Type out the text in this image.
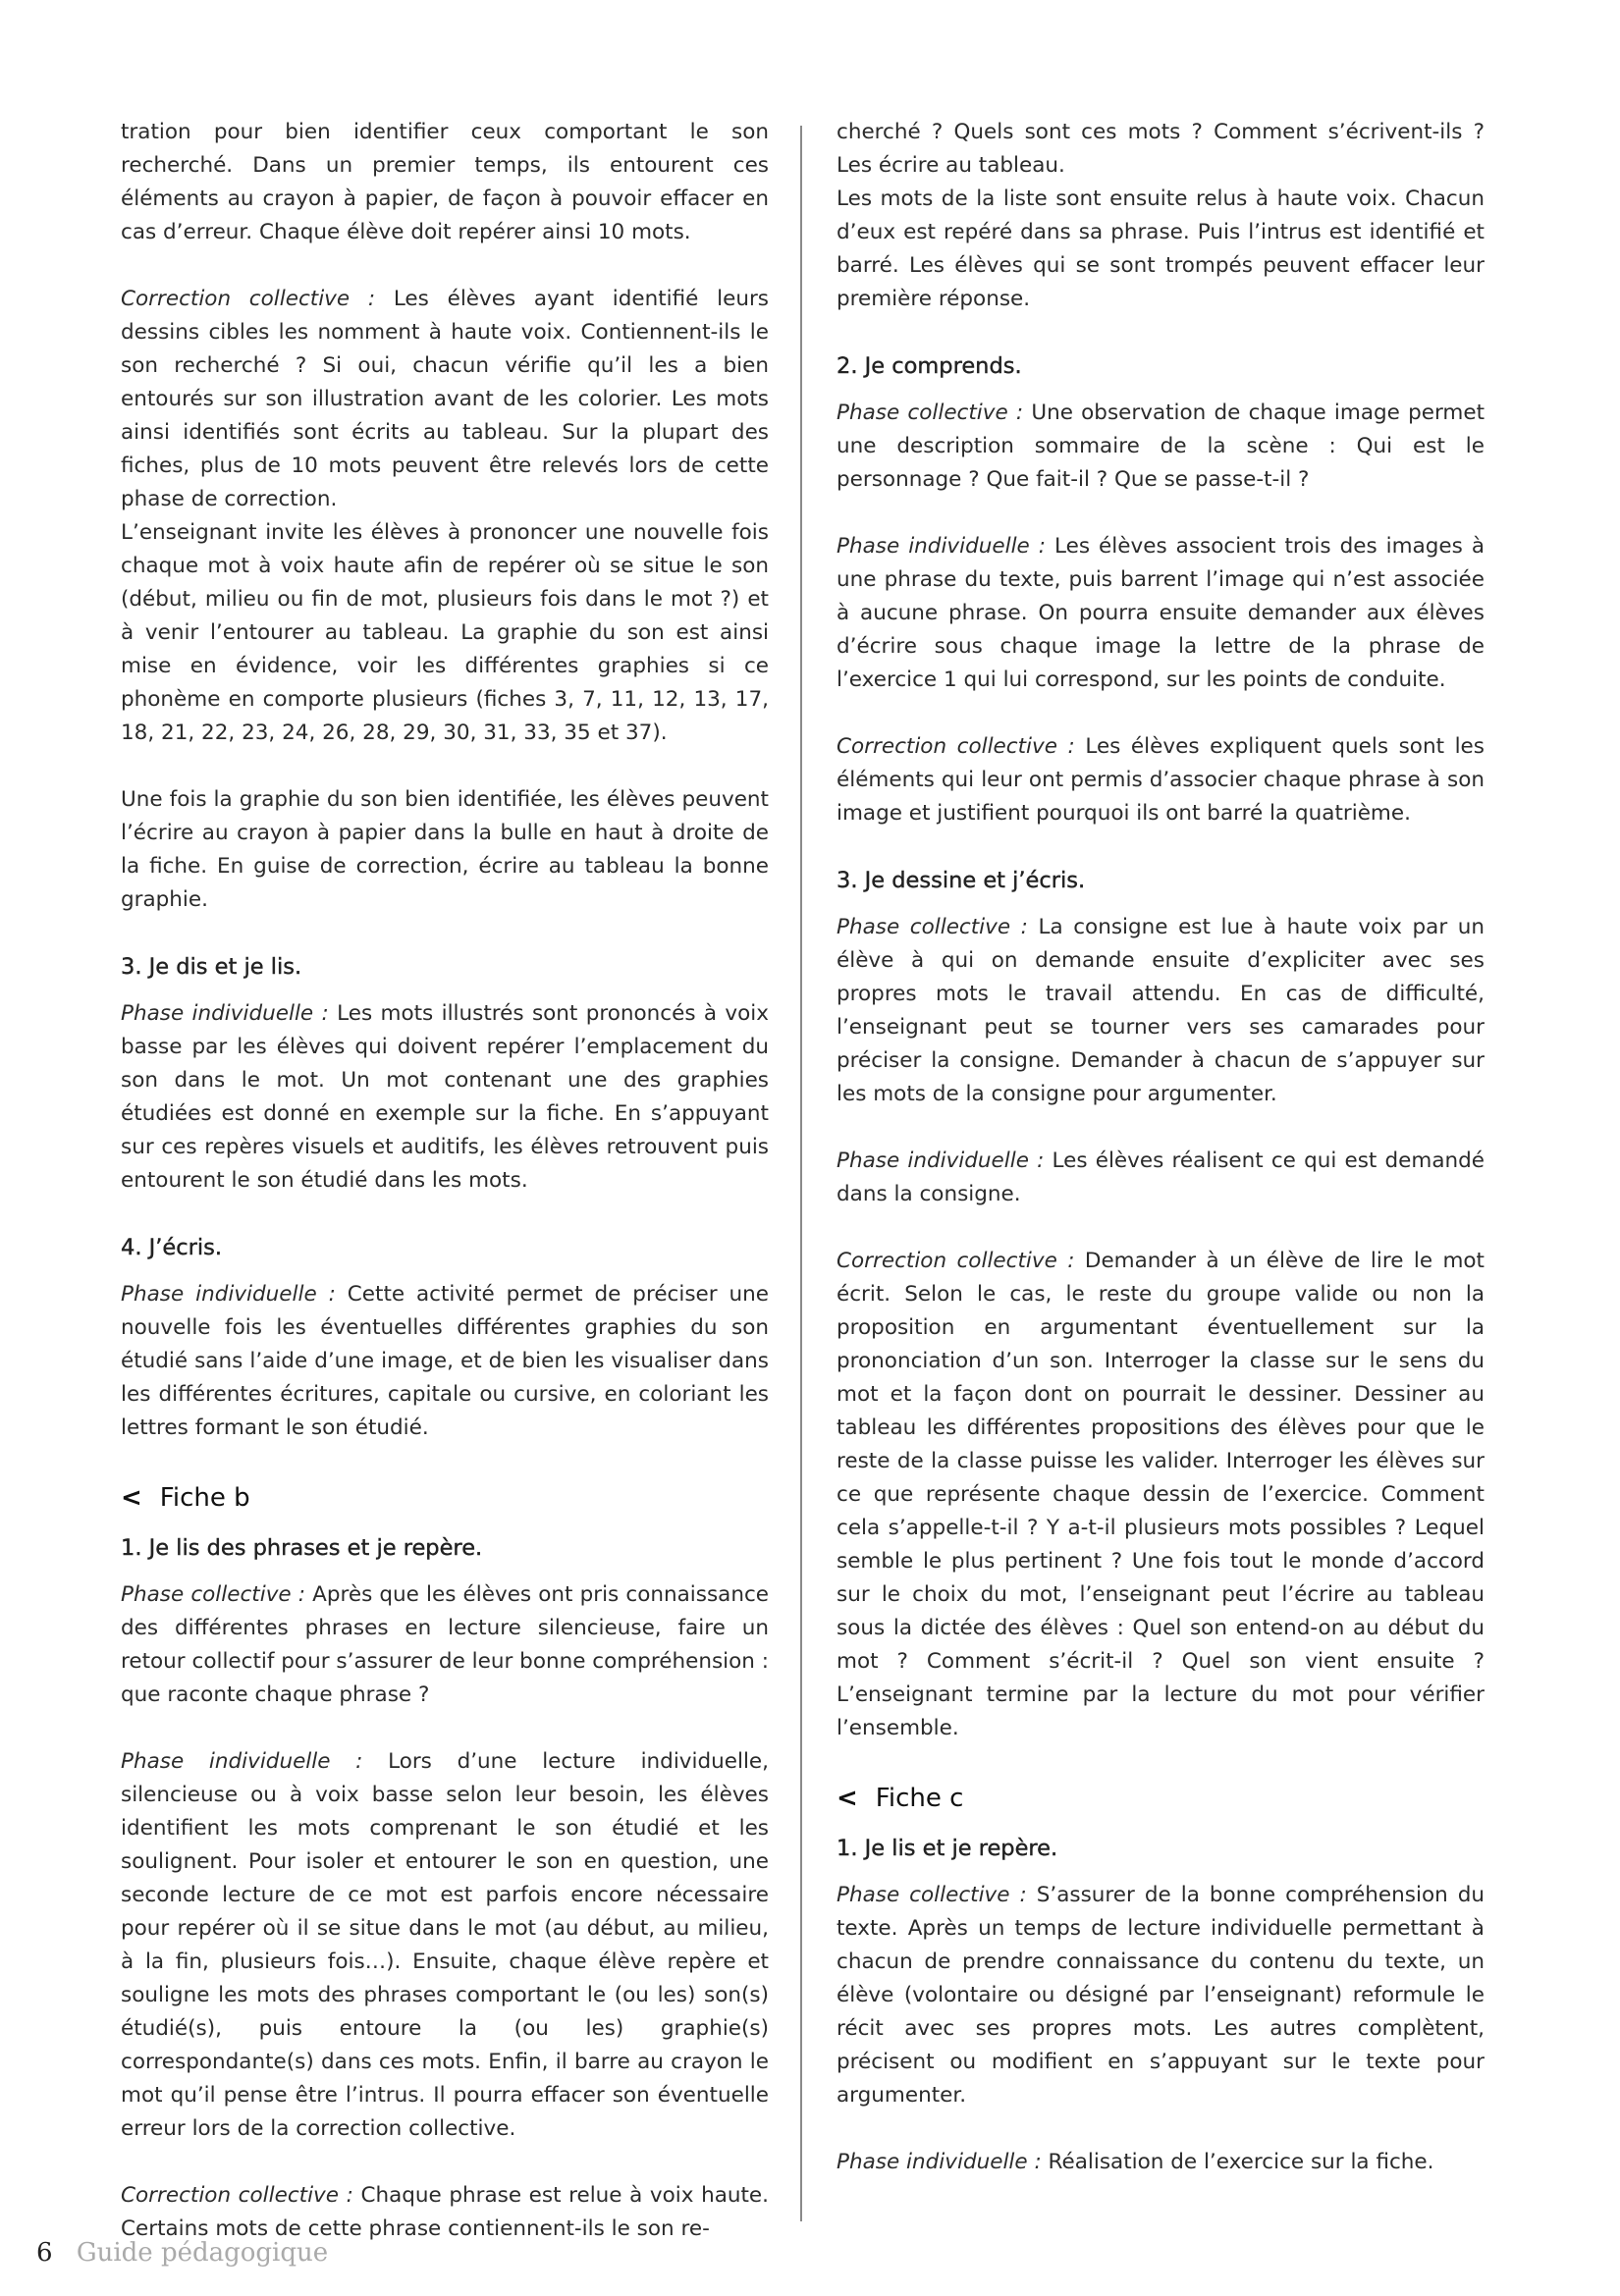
tration pour bien identifier ceux comportant le son recherché. Dans un premier temps, ils entourent ces éléments au crayon à papier, de façon à pouvoir effacer en cas d’erreur. Chaque élève doit repérer ainsi 10 mots.

Correction collective : Les élèves ayant identifié leurs dessins cibles les nomment à haute voix. Contiennent-ils le son recherché ? Si oui, chacun vérifie qu’il les a bien entourés sur son illustration avant de les colorier. Les mots ainsi identifiés sont écrits au tableau. Sur la plupart des fiches, plus de 10 mots peuvent être relevés lors de cette phase de correction.

L’enseignant invite les élèves à prononcer une nouvelle fois chaque mot à voix haute afin de repérer où se situe le son (début, milieu ou fin de mot, plusieurs fois dans le mot ?) et à venir l’entourer au tableau. La graphie du son est ainsi mise en évidence, voir les différentes graphies si ce phonème en comporte plusieurs (fiches 3, 7, 11, 12, 13, 17, 18, 21, 22, 23, 24, 26, 28, 29, 30, 31, 33, 35 et 37).

Une fois la graphie du son bien identifiée, les élèves peuvent l’écrire au crayon à papier dans la bulle en haut à droite de la fiche. En guise de correction, écrire au tableau la bonne graphie.

3. Je dis et je lis.

Phase individuelle : Les mots illustrés sont prononcés à voix basse par les élèves qui doivent repérer l’emplacement du son dans le mot. Un mot contenant une des graphies étudiées est donné en exemple sur la fiche. En s’appuyant sur ces repères visuels et auditifs, les élèves retrouvent puis entourent le son étudié dans les mots.

4. J’écris.

Phase individuelle : Cette activité permet de préciser une nouvelle fois les éventuelles différentes graphies du son étudié sans l’aide d’une image, et de bien les visualiser dans les différentes écritures, capitale ou cursive, en coloriant les lettres formant le son étudié.

< Fiche b
1. Je lis des phrases et je repère.

Phase collective : Après que les élèves ont pris connaissance des différentes phrases en lecture silencieuse, faire un retour collectif pour s’assurer de leur bonne compréhension : que raconte chaque phrase ?

Phase individuelle : Lors d’une lecture individuelle, silencieuse ou à voix basse selon leur besoin, les élèves identifient les mots comprenant le son étudié et les soulignent. Pour isoler et entourer le son en question, une seconde lecture de ce mot est parfois encore nécessaire pour repérer où il se situe dans le mot (au début, au milieu, à la fin, plusieurs fois…). Ensuite, chaque élève repère et souligne les mots des phrases comportant le (ou les) son(s) étudié(s), puis entoure la (ou les) graphie(s) correspondante(s) dans ces mots. Enfin, il barre au crayon le mot qu’il pense être l’intrus. Il pourra effacer son éventuelle erreur lors de la correction collective.

Correction collective : Chaque phrase est relue à voix haute. Certains mots de cette phrase contiennent-ils le son re-

cherché ? Quels sont ces mots ? Comment s’écrivent-ils ? Les écrire au tableau.

Les mots de la liste sont ensuite relus à haute voix. Chacun d’eux est repéré dans sa phrase. Puis l’intrus est identifié et barré. Les élèves qui se sont trompés peuvent effacer leur première réponse.

2. Je comprends.

Phase collective : Une observation de chaque image permet une description sommaire de la scène : Qui est le personnage ? Que fait-il ? Que se passe-t-il ?

Phase individuelle : Les élèves associent trois des images à une phrase du texte, puis barrent l’image qui n’est associée à aucune phrase. On pourra ensuite demander aux élèves d’écrire sous chaque image la lettre de la phrase de l’exercice 1 qui lui correspond, sur les points de conduite.

Correction collective : Les élèves expliquent quels sont les éléments qui leur ont permis d’associer chaque phrase à son image et justifient pourquoi ils ont barré la quatrième.

3. Je dessine et j’écris.

Phase collective : La consigne est lue à haute voix par un élève à qui on demande ensuite d’expliciter avec ses propres mots le travail attendu. En cas de difficulté, l’enseignant peut se tourner vers ses camarades pour préciser la consigne. Demander à chacun de s’appuyer sur les mots de la consigne pour argumenter.

Phase individuelle : Les élèves réalisent ce qui est demandé dans la consigne.

Correction collective : Demander à un élève de lire le mot écrit. Selon le cas, le reste du groupe valide ou non la proposition en argumentant éventuellement sur la prononciation d’un son. Interroger la classe sur le sens du mot et la façon dont on pourrait le dessiner. Dessiner au tableau les différentes propositions des élèves pour que le reste de la classe puisse les valider. Interroger les élèves sur ce que représente chaque dessin de l’exercice. Comment cela s’appelle-t-il ? Y a-t-il plusieurs mots possibles ? Lequel semble le plus pertinent ? Une fois tout le monde d’accord sur le choix du mot, l’enseignant peut l’écrire au tableau sous la dictée des élèves : Quel son entend-on au début du mot ? Comment s’écrit-il ? Quel son vient ensuite ? L’enseignant termine par la lecture du mot pour vérifier l’ensemble.

< Fiche c
1. Je lis et je repère.

Phase collective : S’assurer de la bonne compréhension du texte. Après un temps de lecture individuelle permettant à chacun de prendre connaissance du contenu du texte, un élève (volontaire ou désigné par l’enseignant) reformule le récit avec ses propres mots. Les autres complètent, précisent ou modifient en s’appuyant sur le texte pour argumenter.

Phase individuelle : Réalisation de l’exercice sur la fiche.

6 Guide pédagogique
